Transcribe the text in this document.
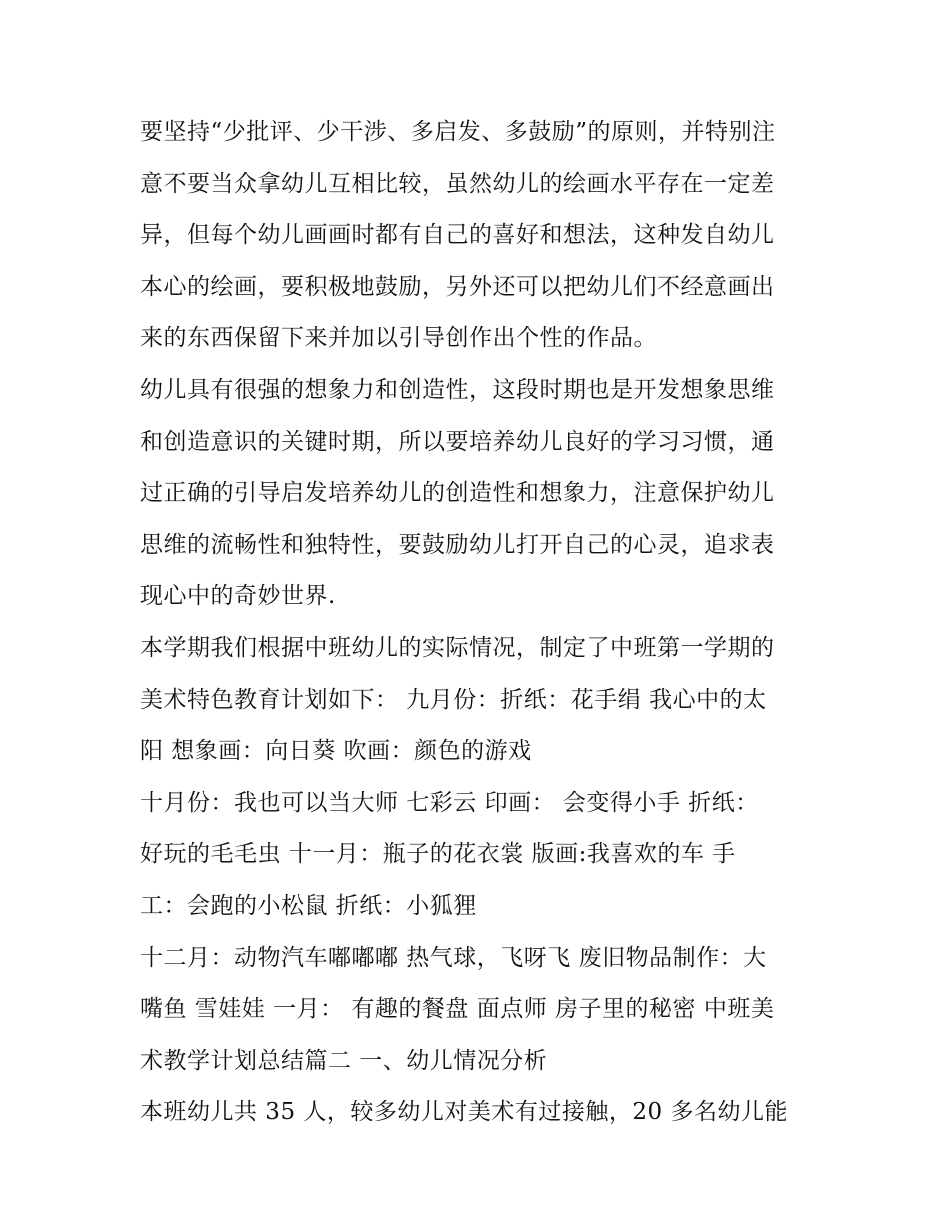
要坚持“少批评、少干涉、多启发、多鼓励”的原则，并特别注
意不要当众拿幼儿互相比较，虽然幼儿的绘画水平存在一定差
异，但每个幼儿画画时都有自己的喜好和想法，这种发自幼儿
本心的绘画，要积极地鼓励，另外还可以把幼儿们不经意画出
来的东西保留下来并加以引导创作出个性的作品。
幼儿具有很强的想象力和创造性，这段时期也是开发想象思维
和创造意识的关键时期，所以要培养幼儿良好的学习习惯，通
过正确的引导启发培养幼儿的创造性和想象力，注意保护幼儿
思维的流畅性和独特性，要鼓励幼儿打开自己的心灵，追求表
现心中的奇妙世界.
本学期我们根据中班幼儿的实际情况，制定了中班第一学期的
美术特色教育计划如下： 九月份：折纸：花手绢 我心中的太
阳 想象画：向日葵 吹画：颜色的游戏
十月份：我也可以当大师 七彩云 印画： 会变得小手 折纸：
好玩的毛毛虫 十一月：瓶子的花衣裳 版画:我喜欢的车 手
工：会跑的小松鼠 折纸：小狐狸
十二月：动物汽车嘟嘟嘟 热气球，飞呀飞 废旧物品制作：大
嘴鱼 雪娃娃 一月： 有趣的餐盘 面点师 房子里的秘密 中班美
术教学计划总结篇二 一、幼儿情况分析
本班幼儿共 35 人，较多幼儿对美术有过接触，20 多名幼儿能
